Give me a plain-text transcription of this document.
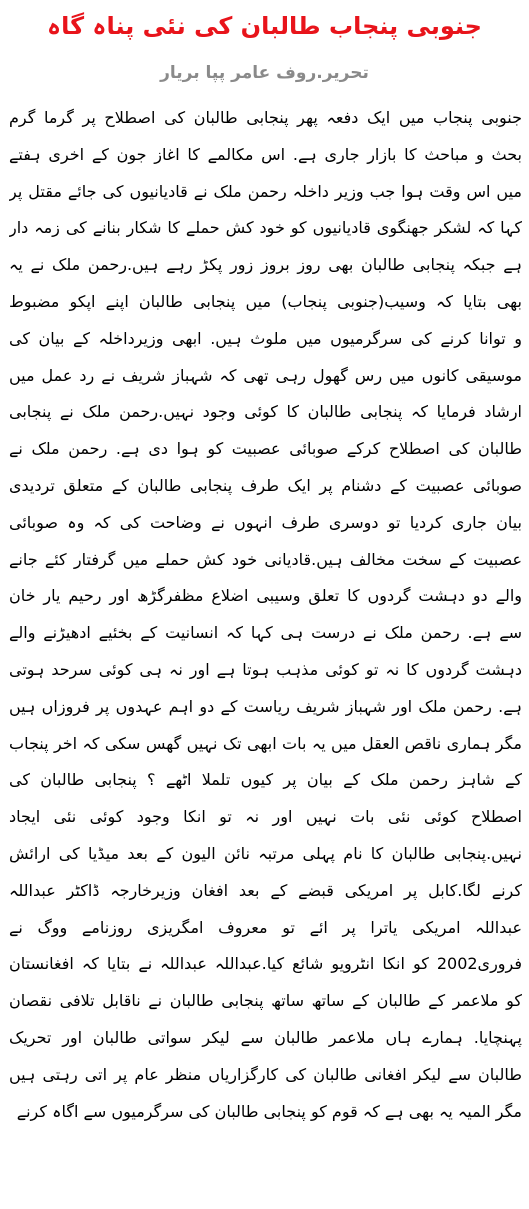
جنوبی پنجاب طالبان کی نئی پناہ گاہ
تحریر.روف عامر پپا بریار
جنوبی پنجاب میں ایک دفعہ پھر پنجابی طالبان کی اصطلاح پر گرما گرم
بحث و مباحث کا بازار جاری ہے. اس مکالمے کا اغاز جون کے اخری ہفتے
میں اس وقت ہوا جب وزیر داخلہ رحمن ملک نے قادیانیوں کی جائے مقتل پر
کہا کہ لشکر جھنگوی قادیانیوں کو خود کش حملے کا شکار بنانے کی زمہ دار
ہے جبکہ پنجابی طالبان بھی روز بروز زور پکڑ رہے ہیں.رحمن ملک نے یہ
بھی بتایا کہ وسیب(جنوبی پنجاب) میں پنجابی طالبان اپنے اپکو مضبوط
و توانا کرنے کی سرگرمیوں میں ملوث ہیں. ابھی وزیرداخلہ کے بیان کی
موسیقی کانوں میں رس گھول رہی تھی کہ شہباز شریف نے رد عمل میں
ارشاد فرمایا کہ پنجابی طالبان کا کوئی وجود نہیں.رحمن ملک نے پنجابی
طالبان کی اصطلاح کرکے صوبائی عصبیت کو ہوا دی ہے. رحمن ملک نے
صوبائی عصبیت کے دشنام پر ایک طرف پنجابی طالبان کے متعلق تردیدی
بیان جاری کردیا تو دوسری طرف انہوں نے وضاحت کی کہ وہ صوبائی
عصبیت کے سخت مخالف ہیں.قادیانی خود کش حملے میں گرفتار کئے جانے
والے دو دہشت گردوں کا تعلق وسیبی اضلاع مظفرگڑھ اور رحیم یار خان
سے ہے. رحمن ملک نے درست ہی کہا کہ انسانیت کے بخئیے ادھیڑنے والے
دہشت گردوں کا نہ تو کوئی مذہب ہوتا ہے اور نہ ہی کوئی سرحد ہوتی
ہے. رحمن ملک اور شہباز شریف ریاست کے دو اہم عہدوں پر فروزاں ہیں
مگر ہماری ناقص العقل میں یہ بات ابھی تک نہیں گھس سکی کہ اخر پنجاب
کے شاہز رحمن ملک کے بیان پر کیوں تلملا اٹھے ؟ پنجابی طالبان کی
اصطلاح کوئی نئی بات نہیں اور نہ تو انکا وجود کوئی نئی ایجاد
نہیں.پنجابی طالبان کا نام پہلی مرتبہ نائن الیون کے بعد میڈیا کی ارائش
کرنے لگا.کابل پر امریکی قبضے کے بعد افغان وزیرخارجہ ڈاکٹر عبداللہ
عبداللہ امریکی یاترا پر ائے تو معروف امگریزی روزنامے ووگ نے
فروری2002 کو انکا انٹرویو شائع کیا.عبداللہ عبداللہ نے بتایا کہ افغانستان
کو ملاعمر کے طالبان کے ساتھ ساتھ پنجابی طالبان نے ناقابل تلافی نقصان
پہنچایا. ہمارے ہاں ملاعمر طالبان سے لیکر سواتی طالبان اور تحریک
طالبان سے لیکر افغانی طالبان کی کارگزاریاں منظر عام پر اتی رہتی ہیں
مگر المیہ یہ بھی ہے کہ قوم کو پنجابی طالبان کی سرگرمیوں سے اگاہ کرنے
